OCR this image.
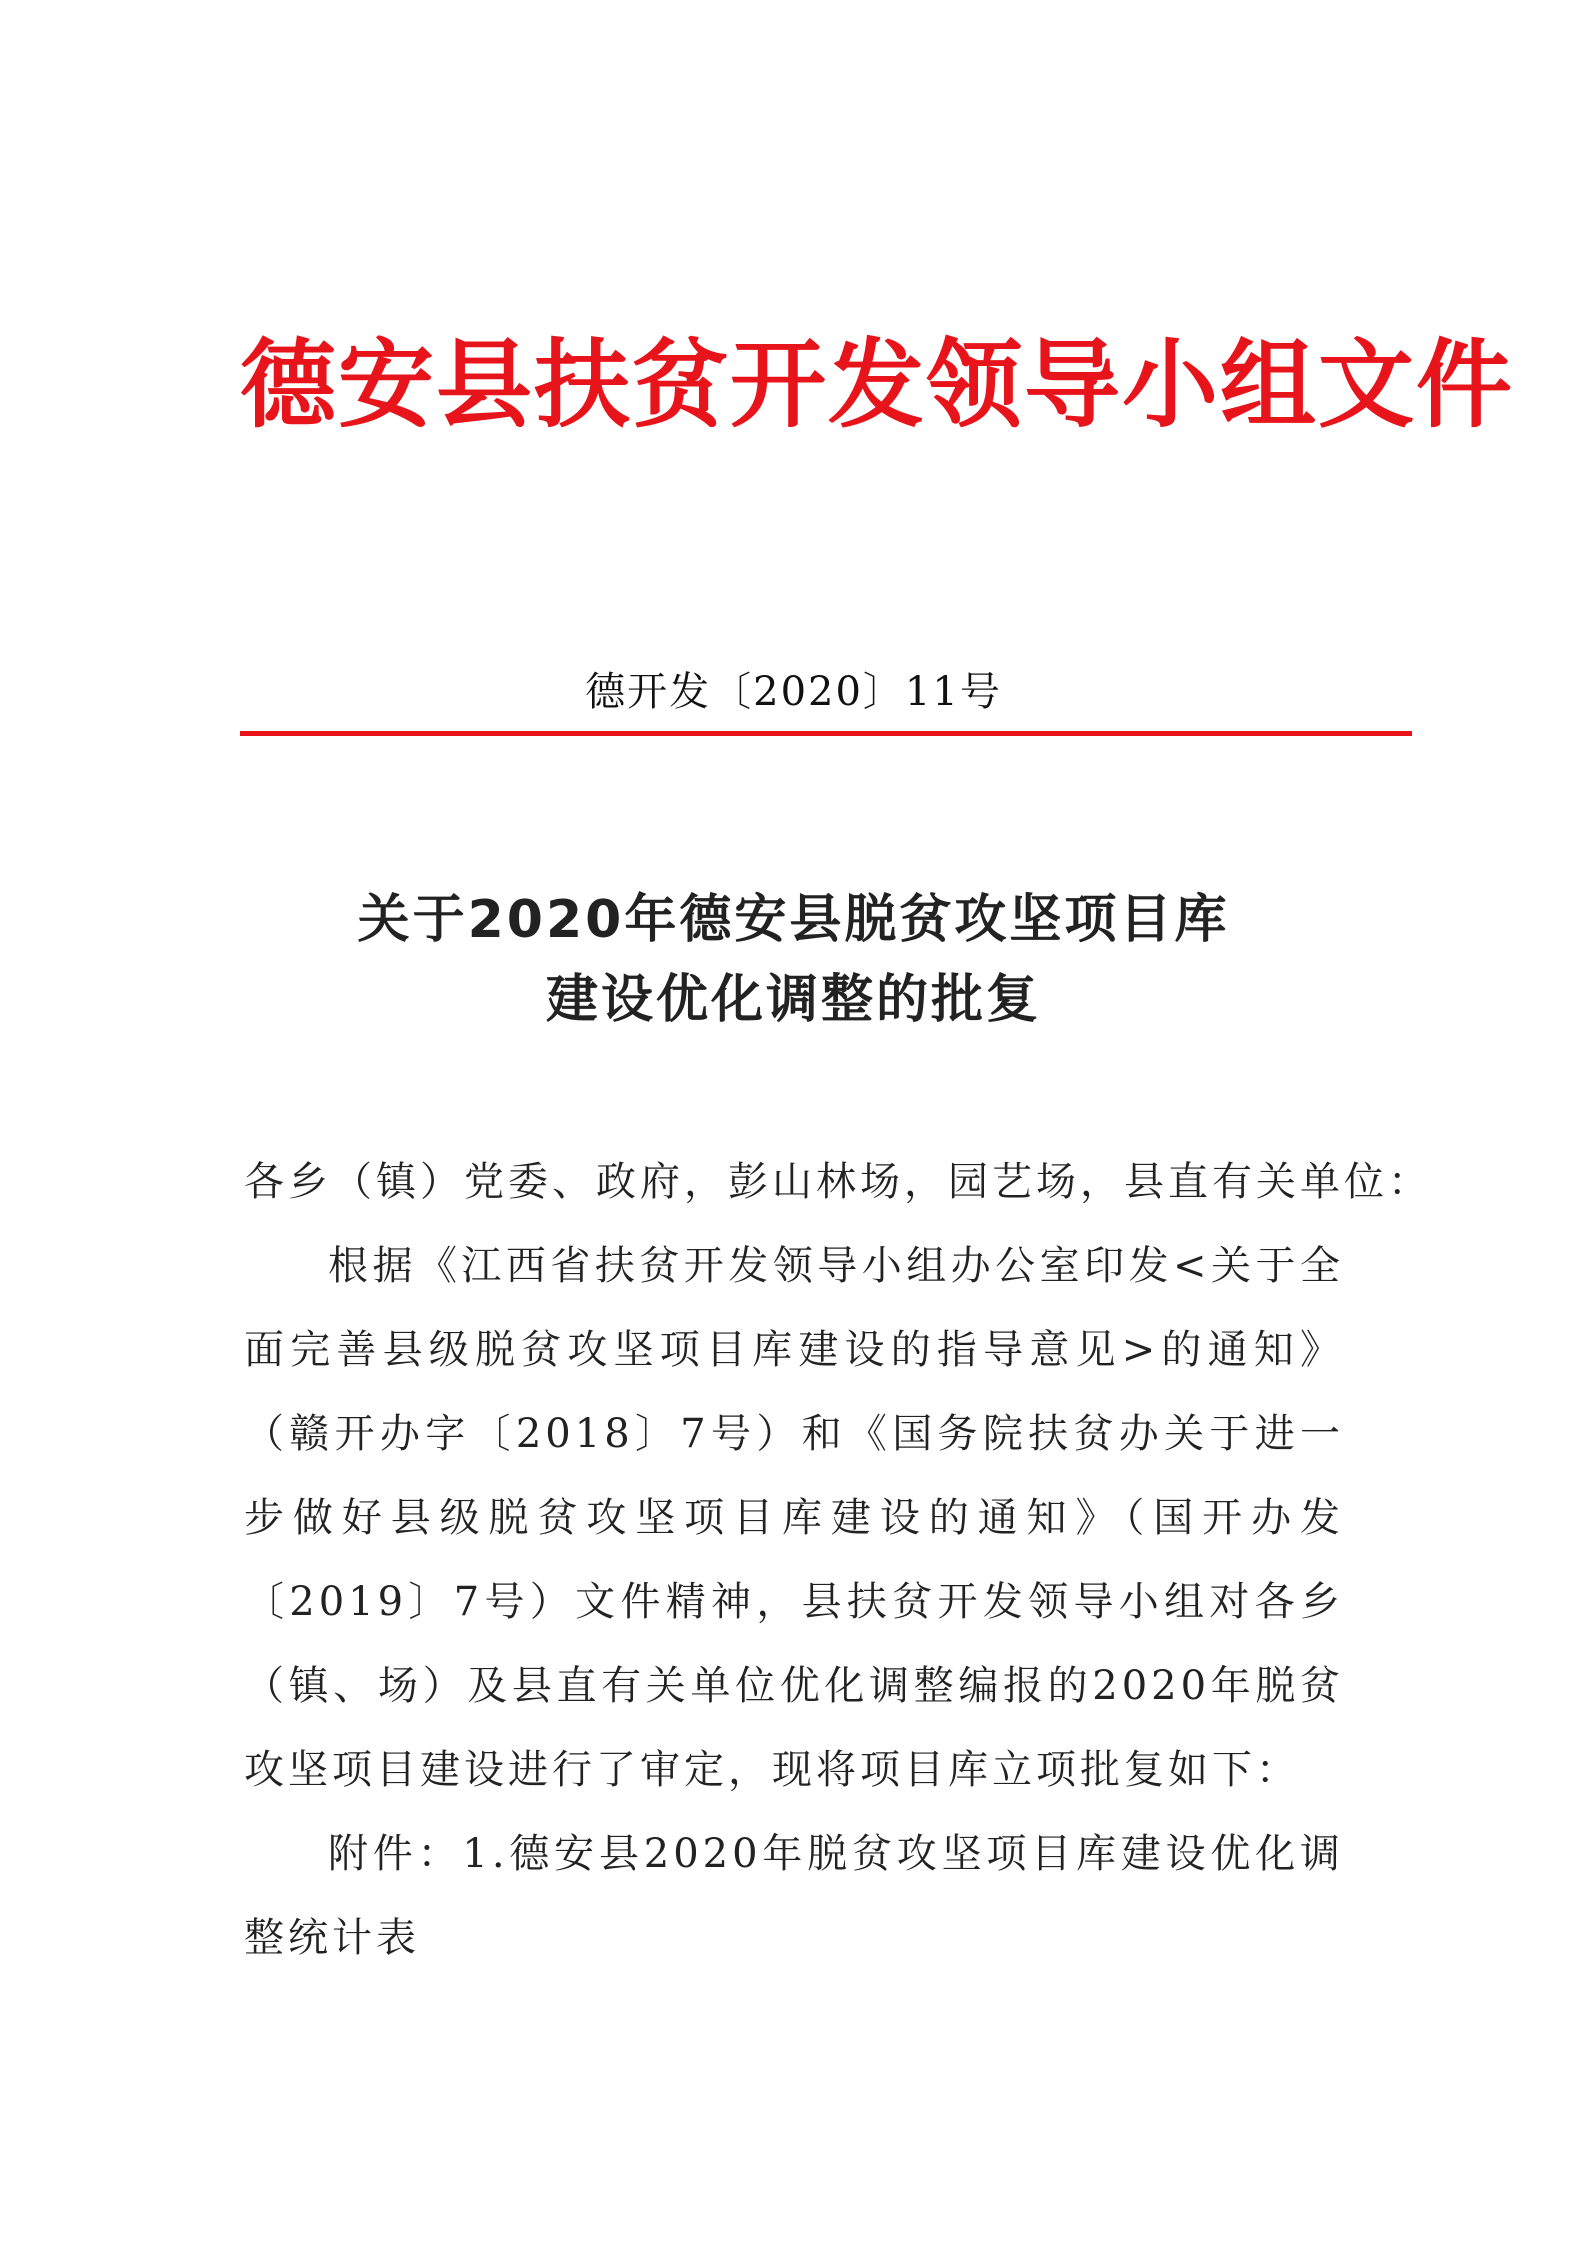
德安县扶贫开发领导小组文件
德开发〔2020〕11号
关于2020年德安县脱贫攻坚项目库
建设优化调整的批复

各乡（镇）党委、政府，彭山林场，园艺场，县直有关单位：

根据《江西省扶贫开发领导小组办公室印发<关于全面完善县级脱贫攻坚项目库建设的指导意见>的通知》（赣开办字〔2018〕7号）和《国务院扶贫办关于进一步做好县级脱贫攻坚项目库建设的通知》（国开办发〔2019〕7号）文件精神，县扶贫开发领导小组对各乡（镇、场）及县直有关单位优化调整编报的2020年脱贫攻坚项目建设进行了审定，现将项目库立项批复如下：

附件：1.德安县2020年脱贫攻坚项目库建设优化调整统计表
